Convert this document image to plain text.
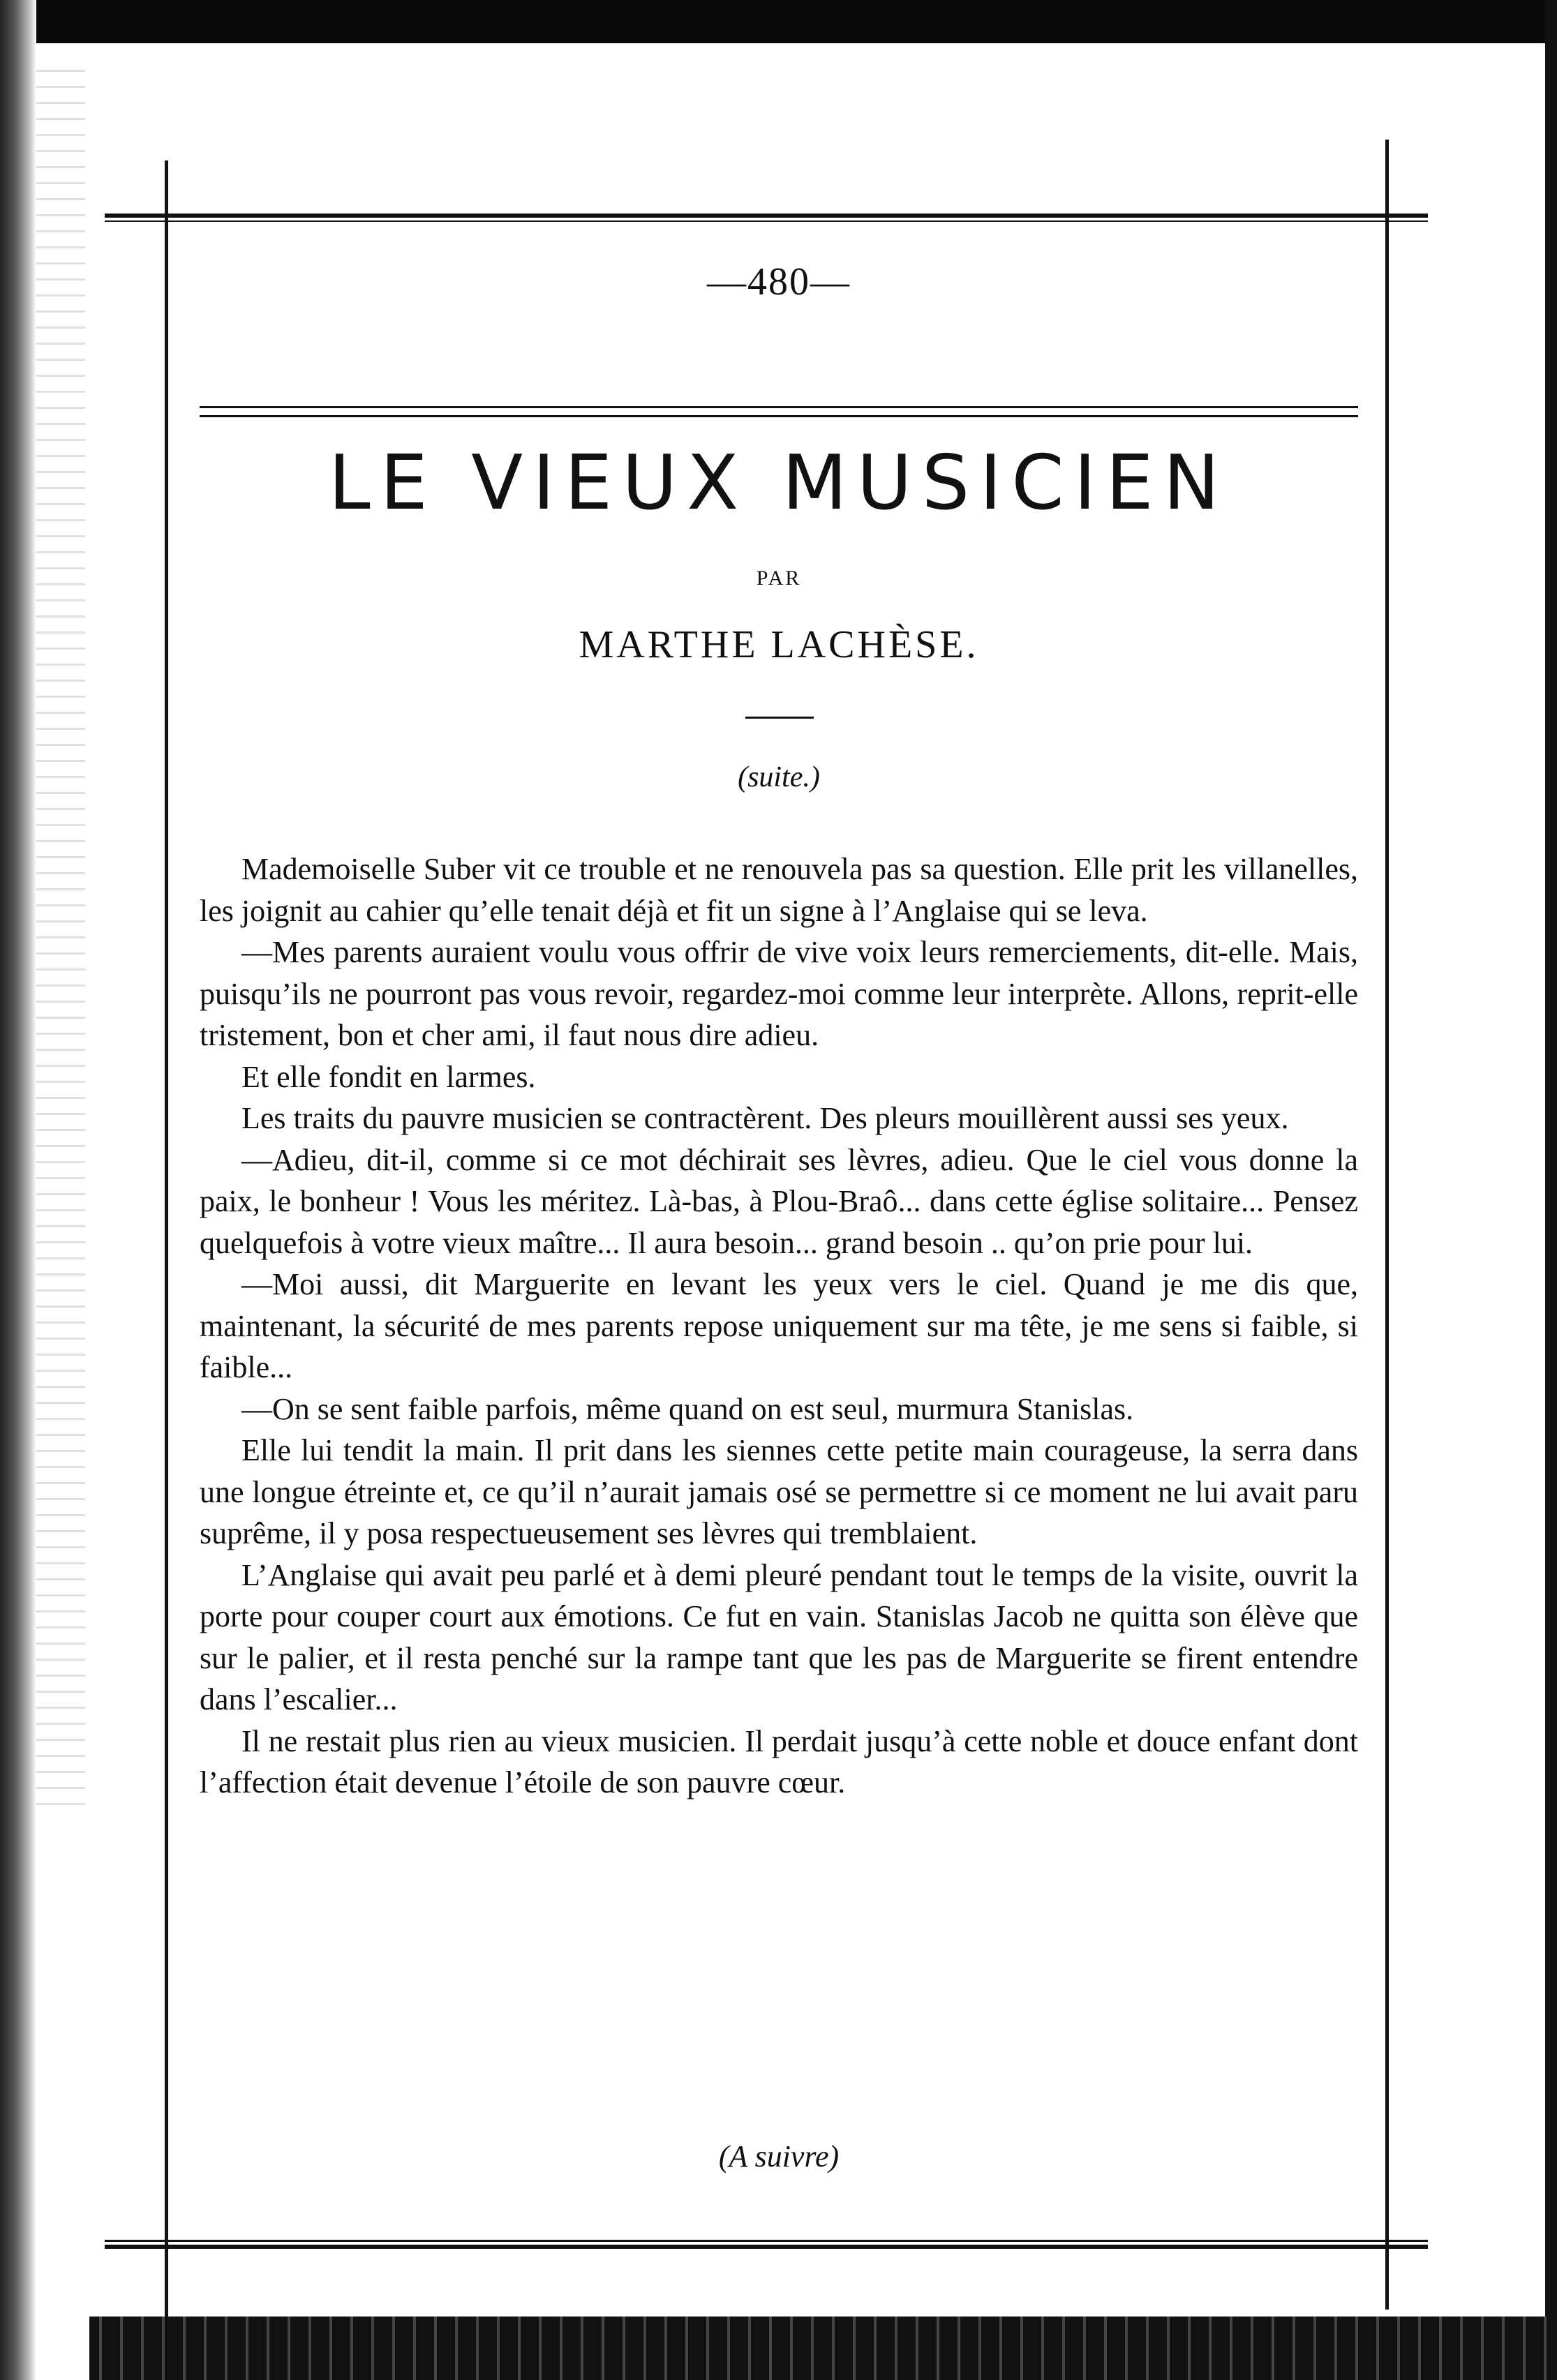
—480—
LE VIEUX MUSICIEN
PAR
MARTHE LACHÈSE.
(suite.)

Mademoiselle Suber vit ce trouble et ne renouvela pas sa question. Elle prit les villanelles, les joignit au cahier qu’elle tenait déjà et fit un signe à l’Anglaise qui se leva.

—Mes parents auraient voulu vous offrir de vive voix leurs remerciements, dit-elle. Mais, puisqu’ils ne pourront pas vous revoir, regardez-moi comme leur interprète. Allons, reprit-elle tristement, bon et cher ami, il faut nous dire adieu.

Et elle fondit en larmes.

Les traits du pauvre musicien se contractèrent. Des pleurs mouillèrent aussi ses yeux.

—Adieu, dit-il, comme si ce mot déchirait ses lèvres, adieu. Que le ciel vous donne la paix, le bonheur ! Vous les méritez. Là-bas, à Plou-Braô... dans cette église solitaire... Pensez quelquefois à votre vieux maître... Il aura besoin... grand besoin .. qu’on prie pour lui.

—Moi aussi, dit Marguerite en levant les yeux vers le ciel. Quand je me dis que, maintenant, la sécurité de mes parents repose uniquement sur ma tête, je me sens si faible, si faible...

—On se sent faible parfois, même quand on est seul, murmura Stanislas.

Elle lui tendit la main. Il prit dans les siennes cette petite main courageuse, la serra dans une longue étreinte et, ce qu’il n’aurait jamais osé se permettre si ce moment ne lui avait paru suprême, il y posa respectueusement ses lèvres qui tremblaient.

L’Anglaise qui avait peu parlé et à demi pleuré pendant tout le temps de la visite, ouvrit la porte pour couper court aux émotions. Ce fut en vain. Stanislas Jacob ne quitta son élève que sur le palier, et il resta penché sur la rampe tant que les pas de Marguerite se firent entendre dans l’escalier...

Il ne restait plus rien au vieux musicien. Il perdait jusqu’à cette noble et douce enfant dont l’affection était devenue l’étoile de son pauvre cœur.

(A suivre)
